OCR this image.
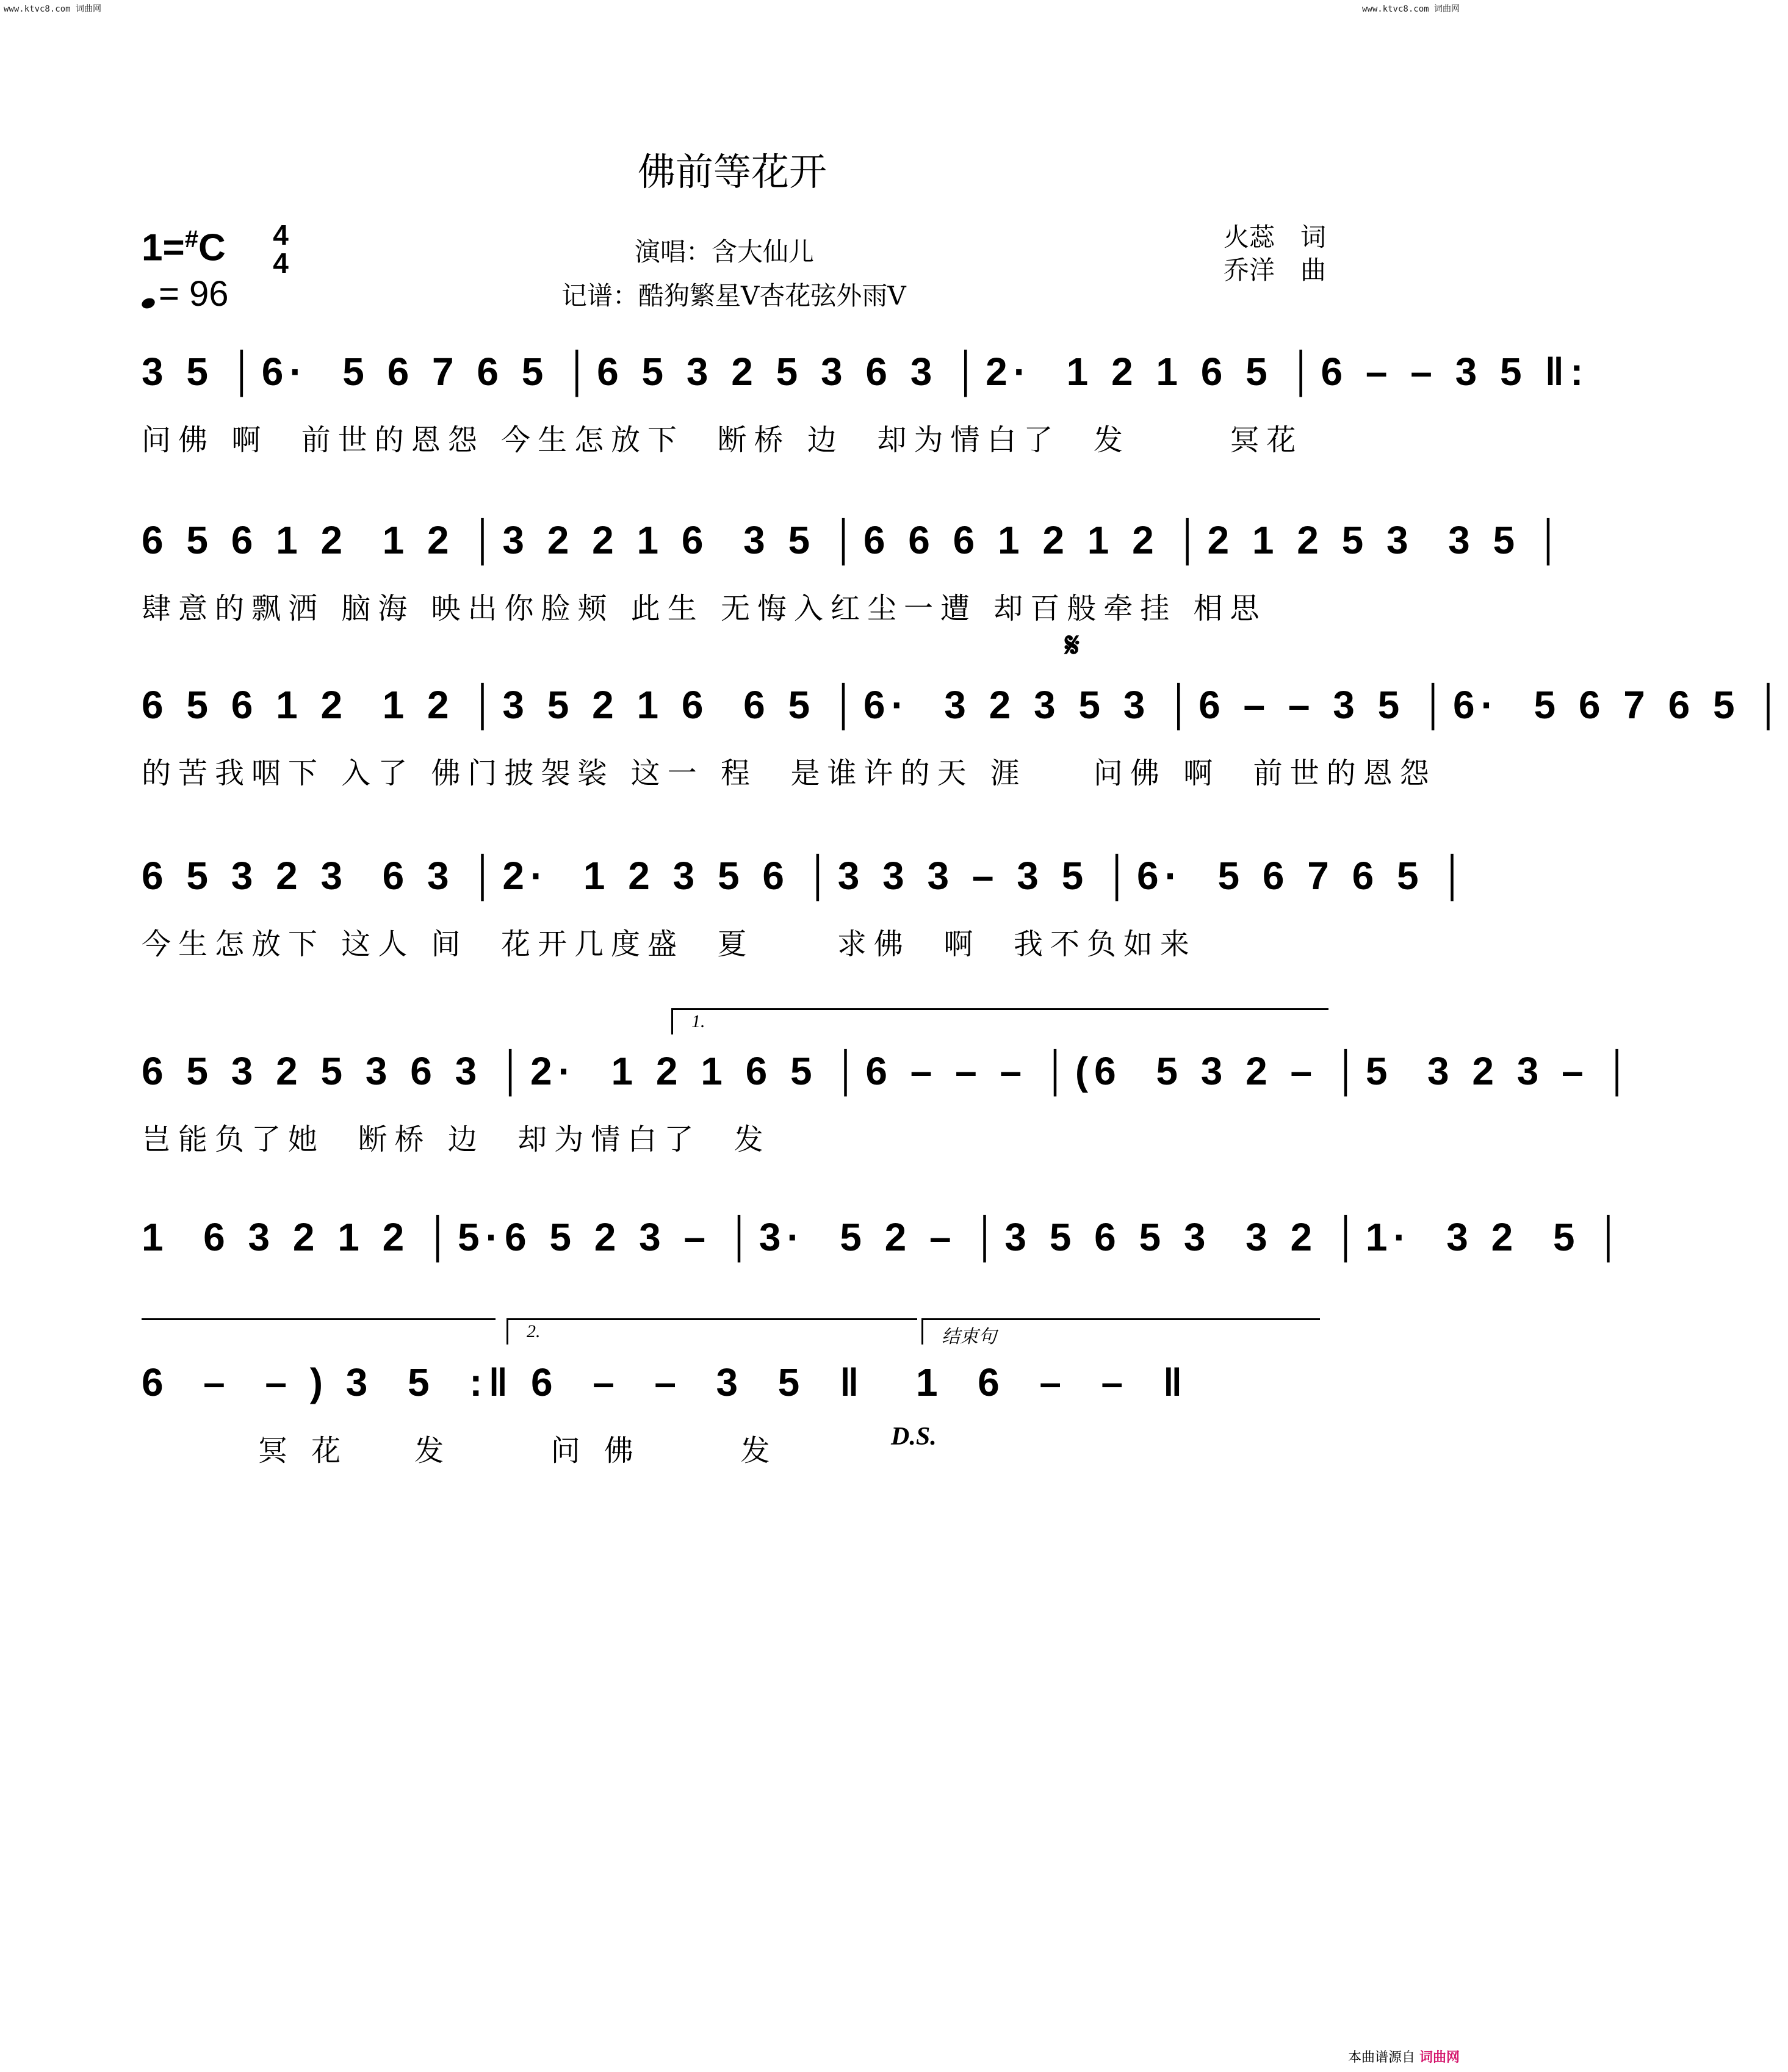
www.ktvc8.com 词曲网	www.ktvc8.com 词曲网
佛前等花开
1=#C	4
4
= 96
演唱：含大仙儿
记谱：酷狗繁星V杏花弦外雨V
火蕊　词
乔洋　曲
3 5 │6·  5 6 7 6 5 │6 5 3 2 5 3 6 3 │2·  1 2 1 6 5 │6 – – 3 5 ‖:
问佛 啊  前世的恩怨 今生怎放下  断桥 边  却为情白了  发      冥花
6 5 6 1 2  1 2 │3 2 2 1 6  3 5 │6 6 6 1 2 1 2 │2 1 2 5 3  3 5 │
肆意的飘洒 脑海 映出你脸颊 此生 无悔入红尘一遭 却百般牵挂 相思
𝄋
6 5 6 1 2  1 2 │3 5 2 1 6  6 5 │6·  3 2 3 5 3 │6 – – 3 5 │6·  5 6 7 6 5 │
的苦我咽下 入了 佛门披袈裟 这一 程  是谁许的天 涯    问佛 啊  前世的恩怨
6 5 3 2 3  6 3 │2·  1 2 3 5 6 │3 3 3 – 3 5 │6·  5 6 7 6 5 │
今生怎放下 这人 间  花开几度盛  夏     求佛  啊  我不负如来
1.
6 5 3 2 5 3 6 3 │2·  1 2 1 6 5 │6 – – – │(6  5 3 2 – │5  3 2 3 – │
岂能负了她  断桥 边  却为情白了  发
1  6 3 2 1 2 │5·6 5 2 3 – │3·  5 2 – │3 5 6 5 3  3 2 │1·  3 2  5 │
2.	结束句
6  –  – ) 3  5  :‖ 6  –  –  3  5  ‖   1  6  –  –  ‖
冥 花    发      问 佛      发	D.S.
本曲谱源自 词曲网
